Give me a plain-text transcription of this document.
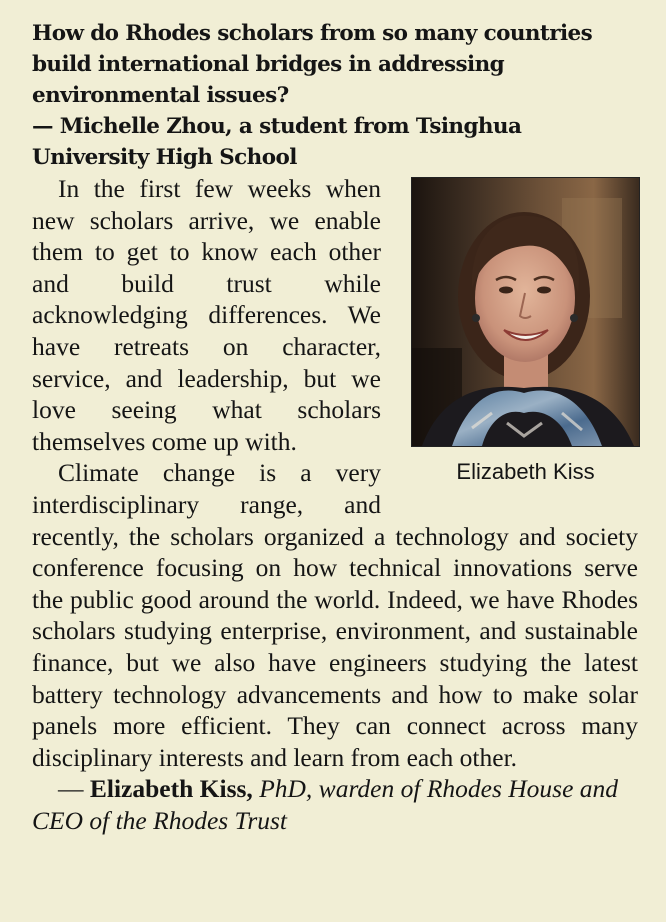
How do Rhodes scholars from so many countries build international bridges in addressing environmental issues?

— Michelle Zhou, a student from Tsinghua University High School

Elizabeth Kiss

In the first few weeks when new scholars arrive, we enable them to get to know each other and build trust while acknowledging differences. We have retreats on character, service, and leadership, but we love seeing what scholars themselves come up with.

Climate change is a very interdisciplinary range, and recently, the scholars organized a technology and society conference focusing on how technical innovations serve the public good around the world. Indeed, we have Rhodes scholars studying enterprise, environment, and sustainable finance, but we also have engineers studying the latest battery technology advancements and how to make solar panels more efficient. They can connect across many disciplinary interests and learn from each other.

— Elizabeth Kiss, PhD, warden of Rhodes House and CEO of the Rhodes Trust
